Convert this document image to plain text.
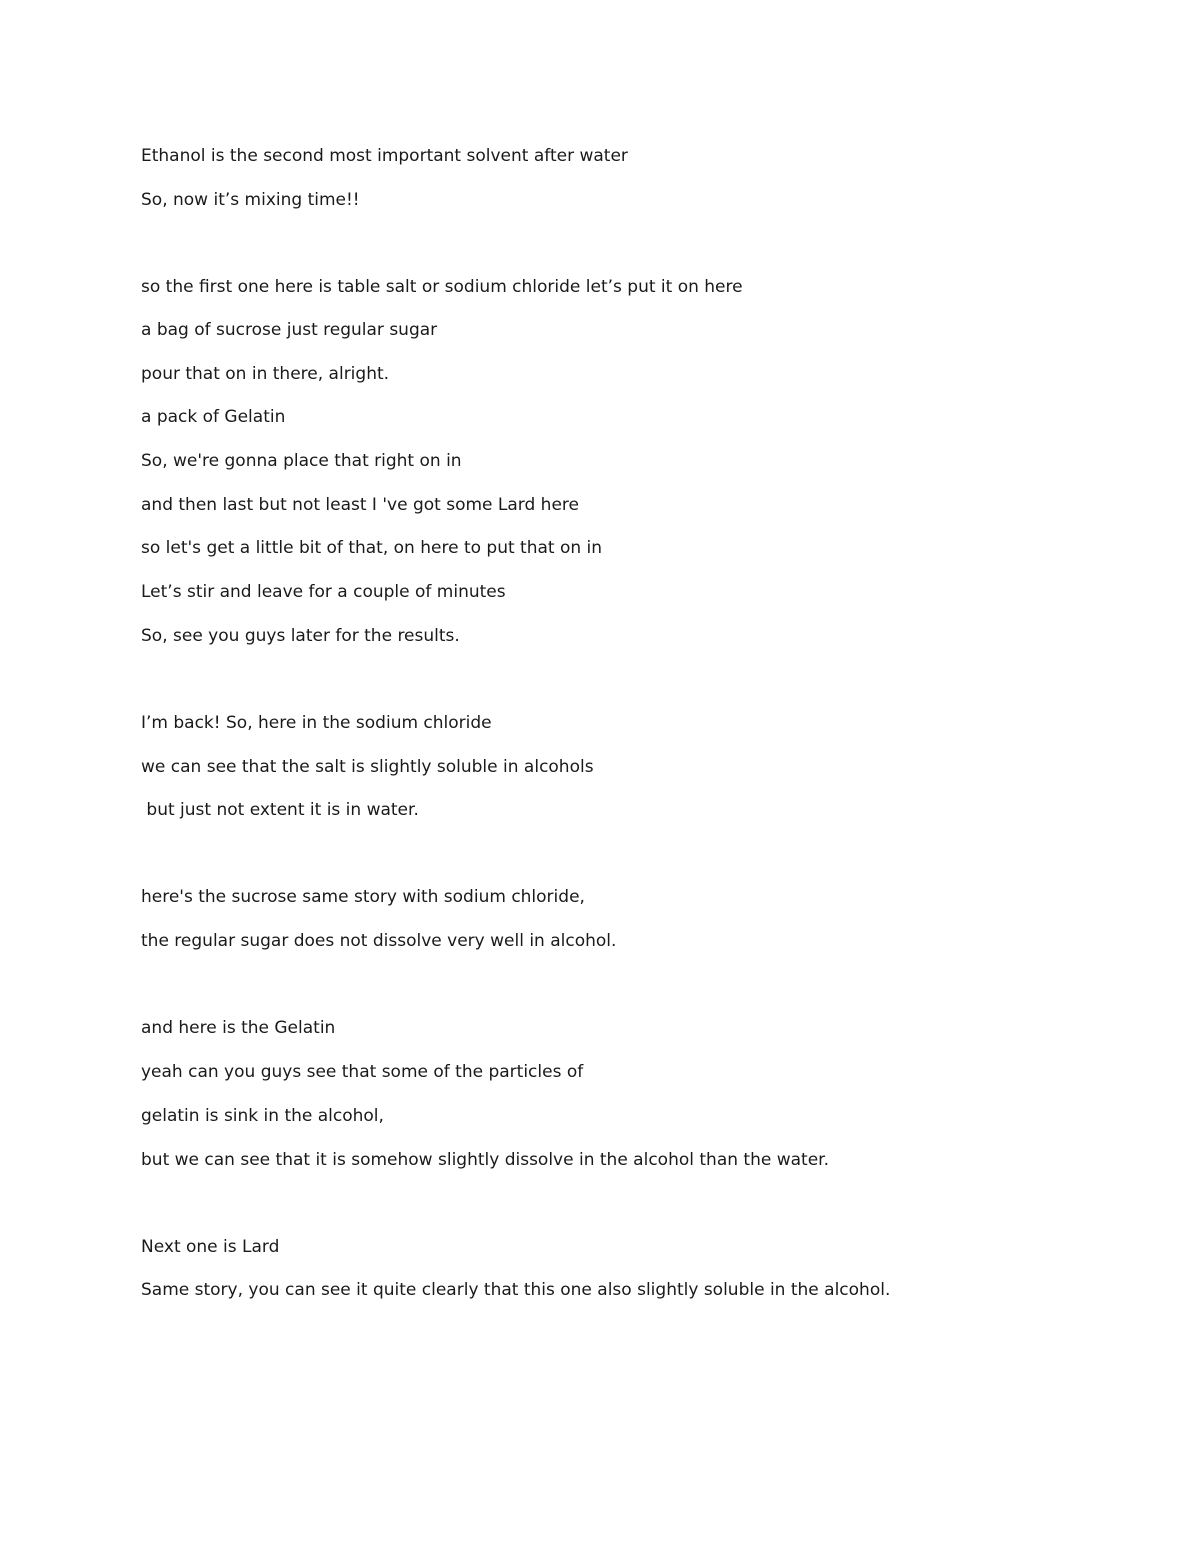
Ethanol is the second most important solvent after water

So, now it’s mixing time!!

so the first one here is table salt or sodium chloride let’s put it on here

a bag of sucrose just regular sugar

pour that on in there, alright.

a pack of Gelatin

So, we're gonna place that right on in

and then last but not least I 've got some Lard here

so let's get a little bit of that, on here to put that on in

Let’s stir and leave for a couple of minutes

So, see you guys later for the results.

I’m back! So, here in the sodium chloride

we can see that the salt is slightly soluble in alcohols

but just not extent it is in water.

here's the sucrose same story with sodium chloride,

the regular sugar does not dissolve very well in alcohol.

and here is the Gelatin

yeah can you guys see that some of the particles of

gelatin is sink in the alcohol,

but we can see that it is somehow slightly dissolve in the alcohol than the water.

Next one is Lard

Same story, you can see it quite clearly that this one also slightly soluble in the alcohol.
